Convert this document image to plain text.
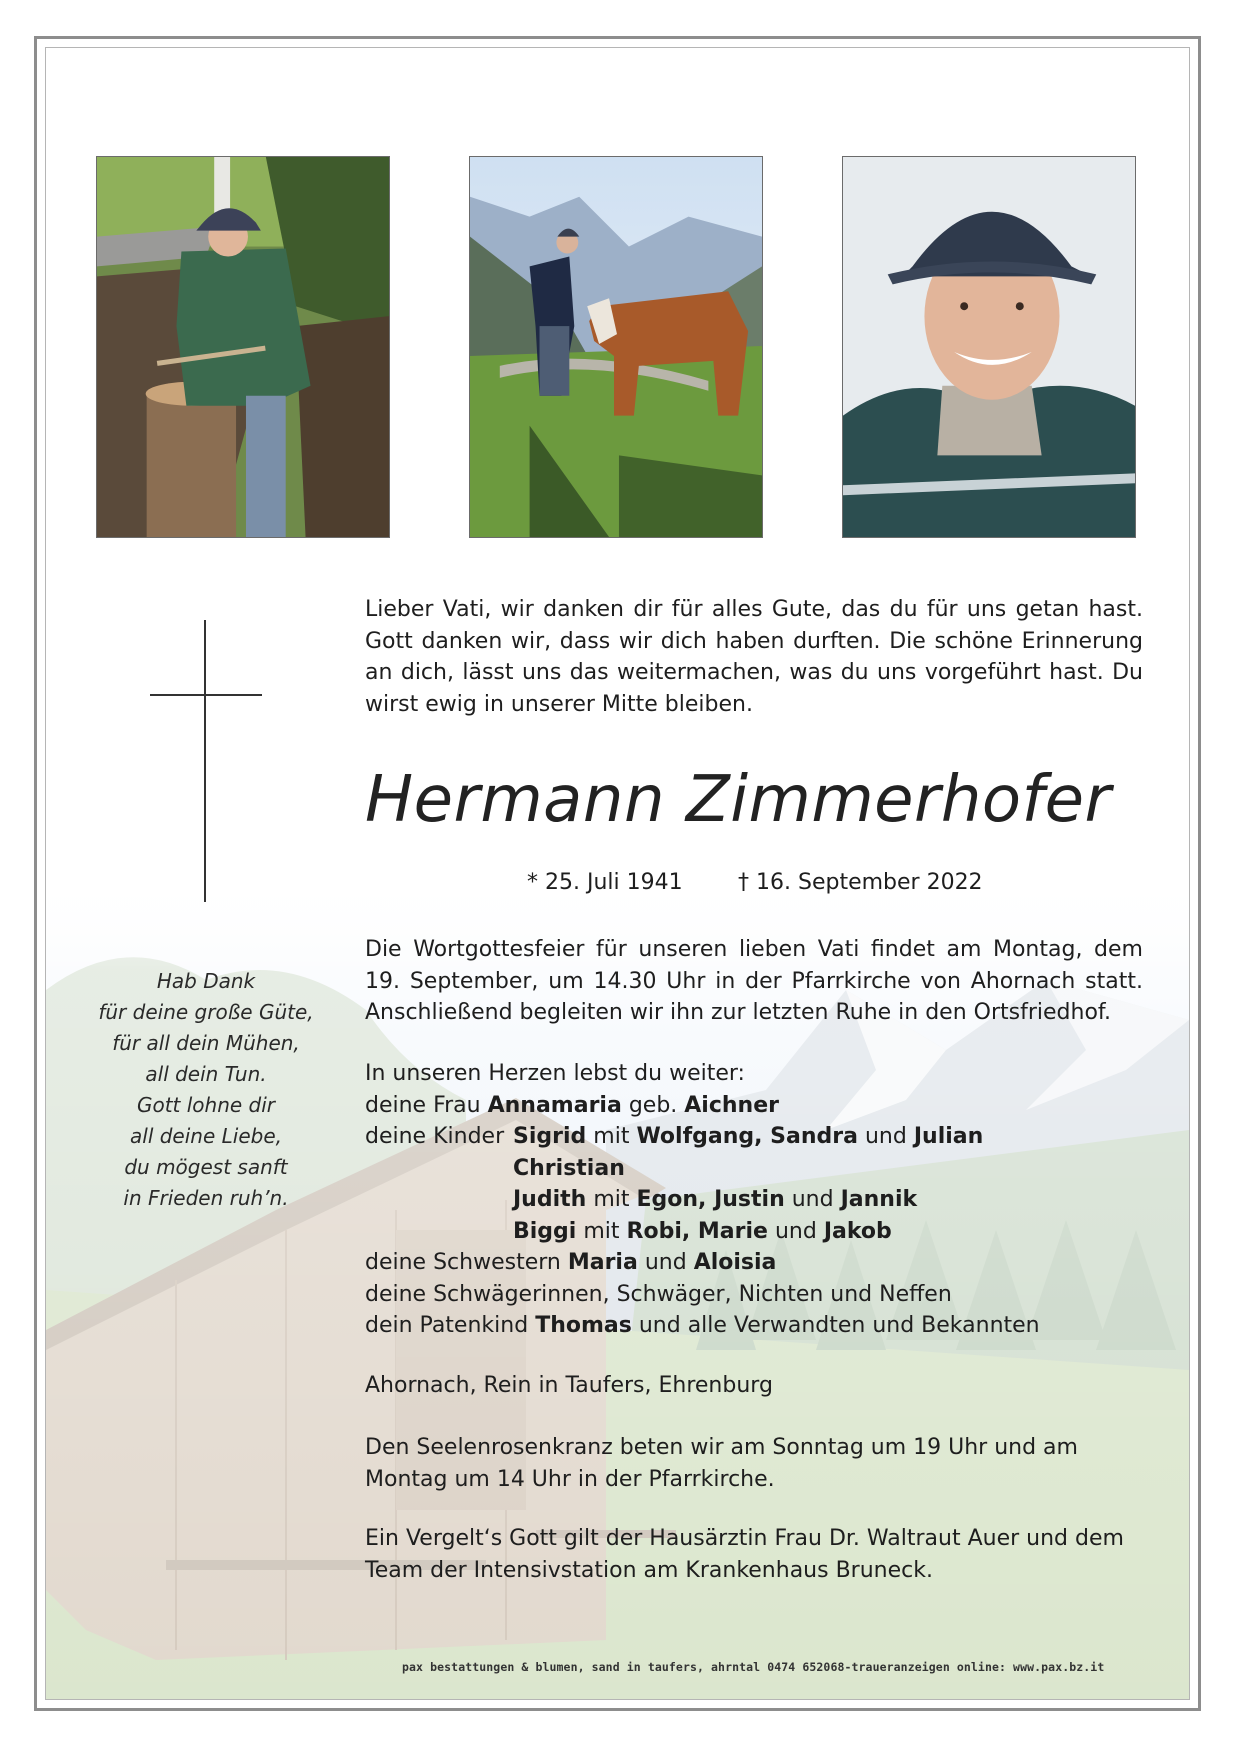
Lieber Vati, wir danken dir für alles Gute, das du für uns getan hast. Gott danken wir, dass wir dich haben durften. Die schöne Erinnerung an dich, lässt uns das weitermachen, was du uns vorgeführt hast. Du wirst ewig in unserer Mitte bleiben.

Hermann Zimmerhofer
* 25. Juli 1941	† 16. September 2022
Hab Dank
für deine große Güte,
für all dein Mühen,
all dein Tun.
Gott lohne dir
all deine Liebe,
du mögest sanft
in Frieden ruh’n.

Die Wortgottesfeier für unseren lieben Vati findet am Montag, dem 19. September, um 14.30 Uhr in der Pfarrkirche von Ahornach statt. Anschließend begleiten wir ihn zur letzten Ruhe in den Ortsfriedhof.

In unseren Herzen lebst du weiter:
deine Frau Annamaria geb. Aichner
deine Kinder Sigrid mit Wolfgang, Sandra und Julian
Christian
Judith mit Egon, Justin und Jannik
Biggi mit Robi, Marie und Jakob
deine Schwestern Maria und Aloisia
deine Schwägerinnen, Schwäger, Nichten und Neffen
dein Patenkind Thomas und alle Verwandten und Bekannten
Ahornach, Rein in Taufers, Ehrenburg

Den Seelenrosenkranz beten wir am Sonntag um 19 Uhr und am Montag um 14 Uhr in der Pfarrkirche.

Ein Vergelt‘s Gott gilt der Hausärztin Frau Dr. Waltraut Auer und dem Team der Intensivstation am Krankenhaus Bruneck.

pax bestattungen & blumen, sand in taufers, ahrntal 0474 652068-traueranzeigen online: www.pax.bz.it
